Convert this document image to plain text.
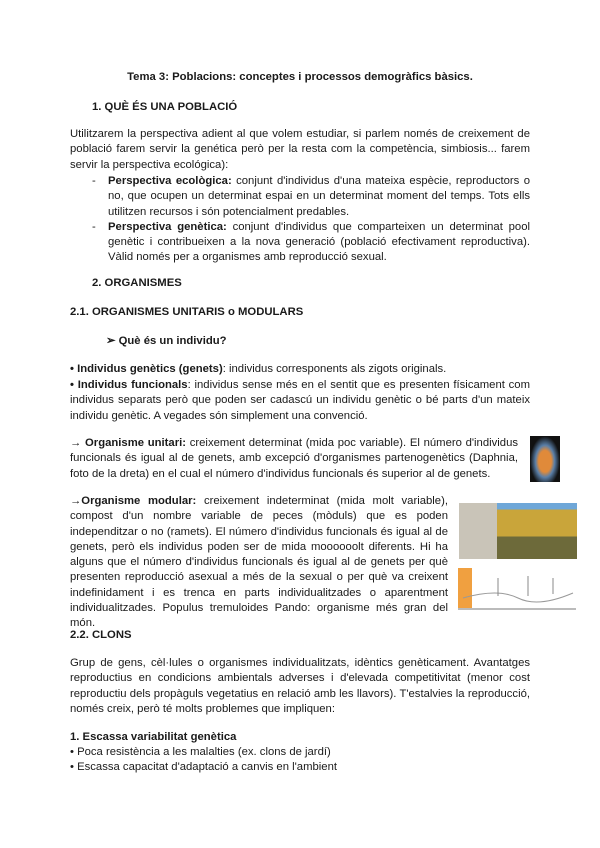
Tema 3: Poblacions: conceptes i processos demogràfics bàsics.
1. QUÈ ÉS UNA POBLACIÓ

Utilitzarem la perspectiva adient al que volem estudiar, si parlem només de creixement de població farem servir la genética però per la resta com la competència, simbiosis... farem servir la perspectiva ecológica):

- Perspectiva ecològica: conjunt d'individus d'una mateixa espècie, reproductors o no, que ocupen un determinat espai en un determinat moment del temps. Tots ells utilitzen recursos i són potencialment predables.
- Perspectiva genètica: conjunt d'individus que comparteixen un determinat pool genètic i contribueixen a la nova generació (població efectivament reproductiva). Vàlid només per a organismes amb reproducció sexual.
2. ORGANISMES
2.1. ORGANISMES UNITARIS o MODULARS
➢ Què és un individu?

• Individus genètics (genets): individus corresponents als zigots originals.

• Individus funcionals: individus sense més en el sentit que es presenten físicament com individus separats però que poden ser cadascú un individu genètic o bé parts d'un mateix individu genètic. A vegades són simplement una convenció.

→ Organisme unitari: creixement determinat (mida poc variable). El número d'individus funcionals és igual al de genets, amb excepció d'organismes partenogenètics (Daphnia, foto de la dreta) en el cual el número d'individus funcionals és superior al de genets.

→Organisme modular: creixement indeterminat (mida molt variable), compost d'un nombre variable de peces (mòduls) que es poden independitzar o no (ramets). El número d'individus funcionals és igual al de genets, però els individus poden ser de mida moooooolt diferents. Hi ha alguns que el número d'individus funcionals és igual al de genets per què presenten reproducció asexual a més de la sexual o per què va creixent indefinidament i es trenca en parts individualitzades o aparentment individualitzades. Populus tremuloides Pando: organisme més gran del món.

2.2. CLONS

Grup de gens, cèl·lules o organismes individualitzats, idèntics genèticament. Avantatges reproductius en condicions ambientals adverses i d'elevada competitivitat (menor cost reproductiu dels propàguls vegetatius en relació amb les llavors). T'estalvies la reproducció, només creix, però té molts problemes que impliquen:

1. Escassa variabilitat genètica
• Poca resistència a les malalties (ex. clons de jardí)
• Escassa capacitat d'adaptació a canvis en l'ambient
